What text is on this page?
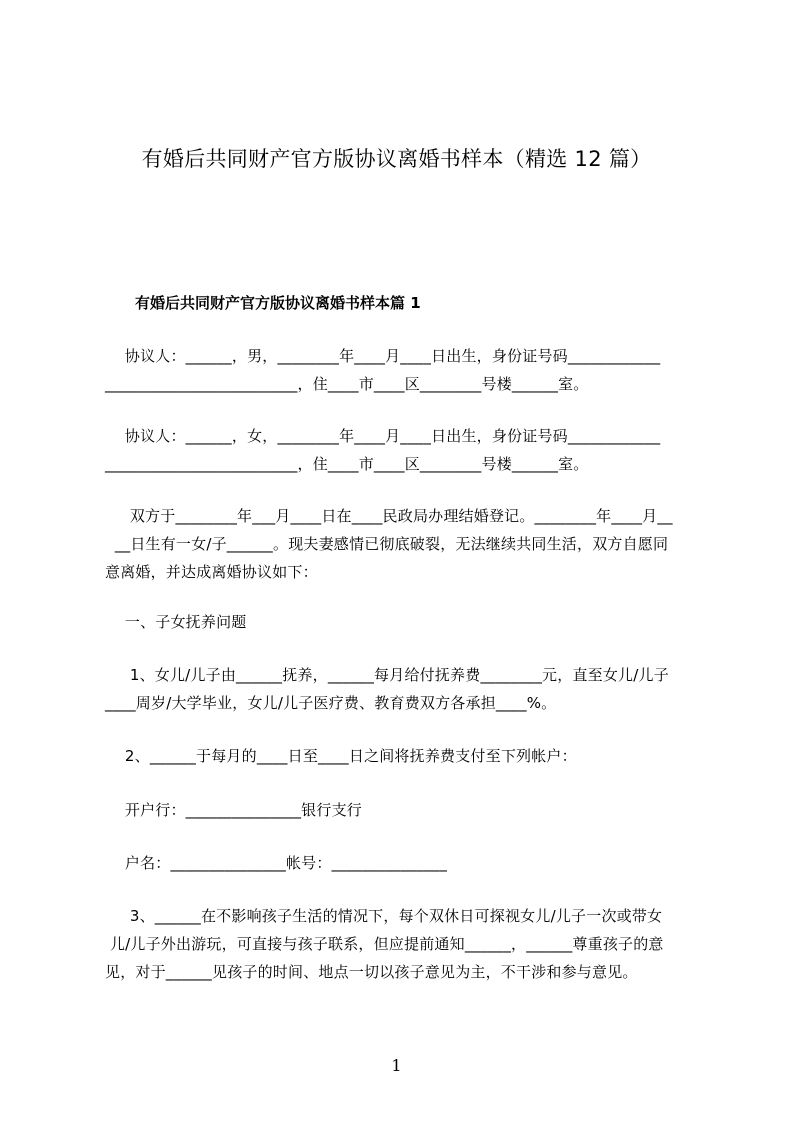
有婚后共同财产官方版协议离婚书样本（精选 12 篇）
有婚后共同财产官方版协议离婚书样本篇 1
协议人：______，男，________年____月____日出生，身份证号码____________
_________________________，住____市____区________号楼______室。
协议人：______，女，________年____月____日出生，身份证号码____________
_________________________，住____市____区________号楼______室。
双方于________年___月____日在____民政局办理结婚登记。________年____月__
__日生有一女/子______。现夫妻感情已彻底破裂，无法继续共同生活，双方自愿同
意离婚，并达成离婚协议如下：
一、子女抚养问题
1、女儿/儿子由______抚养，______每月给付抚养费________元，直至女儿/儿子
____周岁/大学毕业，女儿/儿子医疗费、教育费双方各承担____%。
2、______于每月的____日至____日之间将抚养费支付至下列帐户：
开户行：_______________银行支行
户名：_______________帐号：_______________
3、______在不影响孩子生活的情况下，每个双休日可探视女儿/儿子一次或带女
儿/儿子外出游玩，可直接与孩子联系，但应提前通知______，______尊重孩子的意
见，对于______见孩子的时间、地点一切以孩子意见为主，不干涉和参与意见。
1
